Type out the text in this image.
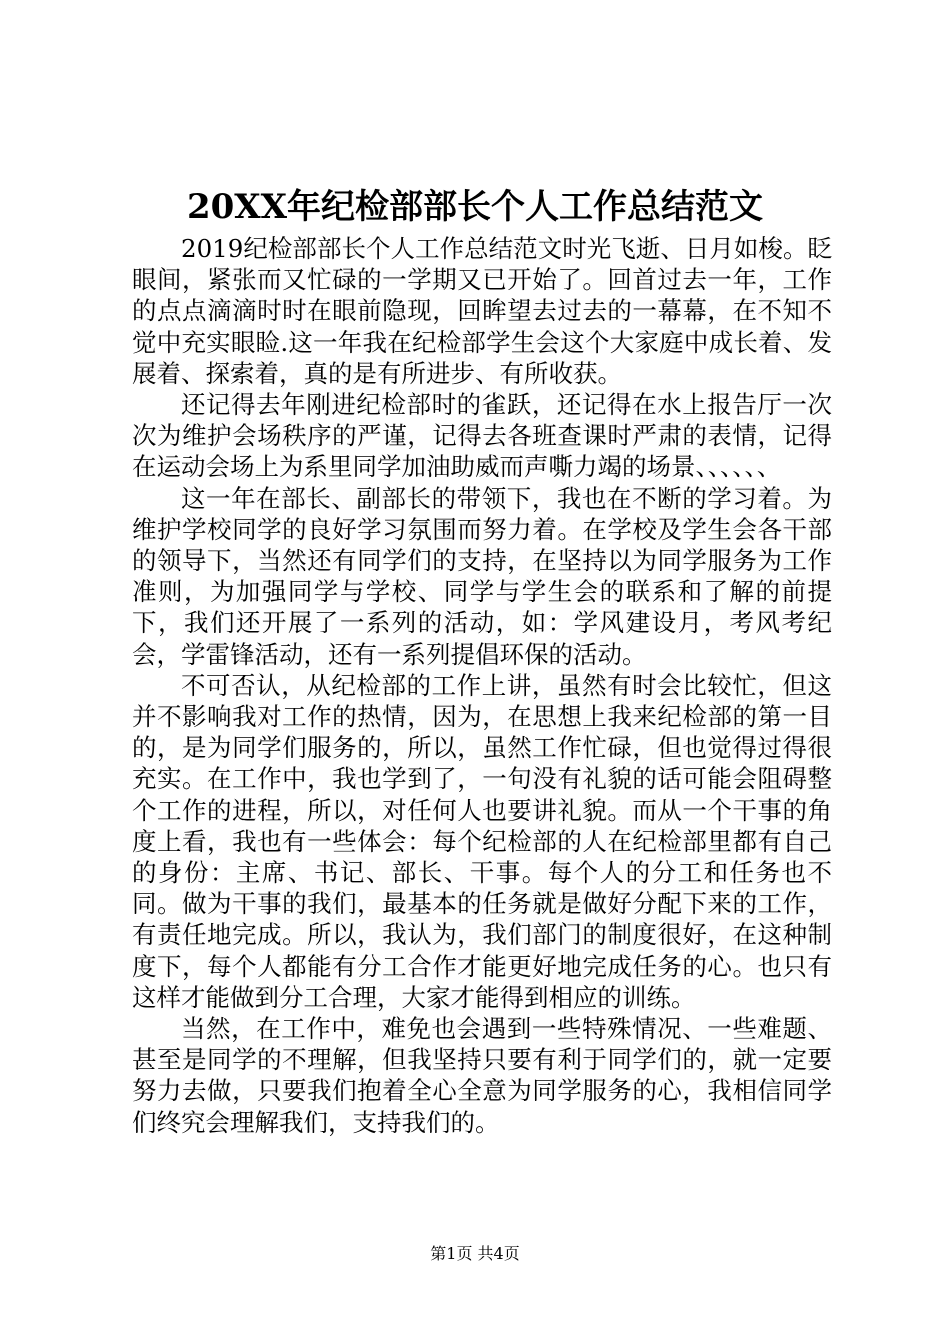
20XX年纪检部部长个人工作总结范文

2019纪检部部长个人工作总结范文时光飞逝、日月如梭。眨眼间，紧张而又忙碌的一学期又已开始了。回首过去一年，工作的点点滴滴时时在眼前隐现，回眸望去过去的一幕幕，在不知不觉中充实眼睑.这一年我在纪检部学生会这个大家庭中成长着、发展着、探索着，真的是有所进步、有所收获。

还记得去年刚进纪检部时的雀跃，还记得在水上报告厅一次次为维护会场秩序的严谨，记得去各班查课时严肃的表情，记得在运动会场上为系里同学加油助威而声嘶力竭的场景、、、、、、

这一年在部长、副部长的带领下，我也在不断的学习着。为维护学校同学的良好学习氛围而努力着。在学校及学生会各干部的领导下，当然还有同学们的支持，在坚持以为同学服务为工作准则，为加强同学与学校、同学与学生会的联系和了解的前提下，我们还开展了一系列的活动，如：学风建设月，考风考纪会，学雷锋活动，还有一系列提倡环保的活动。

不可否认，从纪检部的工作上讲，虽然有时会比较忙，但这并不影响我对工作的热情，因为，在思想上我来纪检部的第一目的，是为同学们服务的，所以，虽然工作忙碌，但也觉得过得很充实。在工作中，我也学到了，一句没有礼貌的话可能会阻碍整个工作的进程，所以，对任何人也要讲礼貌。而从一个干事的角度上看，我也有一些体会：每个纪检部的人在纪检部里都有自己的身份：主席、书记、部长、干事。每个人的分工和任务也不同。做为干事的我们，最基本的任务就是做好分配下来的工作，有责任地完成。所以，我认为，我们部门的制度很好，在这种制度下，每个人都能有分工合作才能更好地完成任务的心。也只有这样才能做到分工合理，大家才能得到相应的训练。

当然，在工作中，难免也会遇到一些特殊情况、一些难题、甚至是同学的不理解，但我坚持只要有利于同学们的，就一定要努力去做，只要我们抱着全心全意为同学服务的心，我相信同学们终究会理解我们，支持我们的。

第1页 共4页
